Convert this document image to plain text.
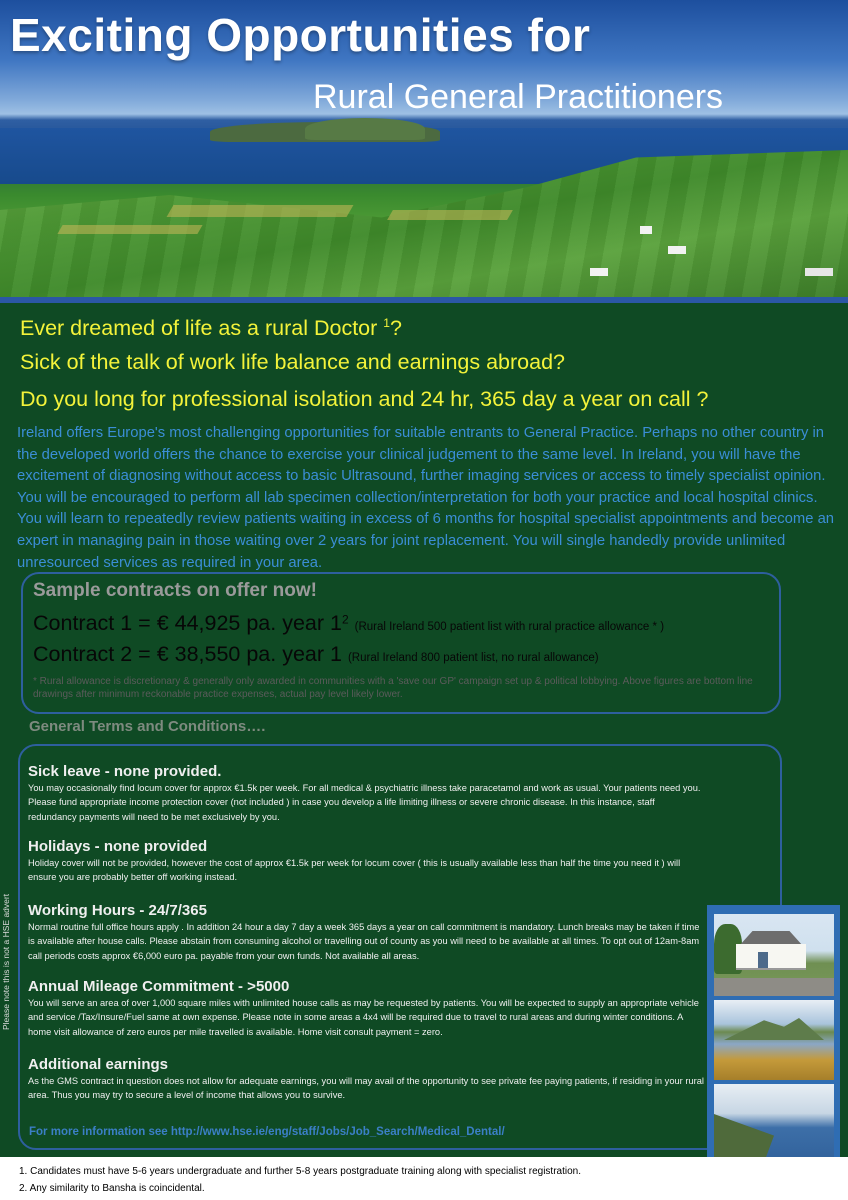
Exciting Opportunities for
Rural General Practitioners

Ever dreamed of life as a rural Doctor $^1$?

Sick of the talk of work life balance and earnings abroad?

Do you long for professional isolation and 24 hr, 365 day a year on call ?

Ireland offers Europe's most challenging opportunities for suitable entrants to General Practice. Perhaps no other country in the developed world offers the chance to exercise your clinical judgement to the same level. In Ireland, you will have the excitement of diagnosing without access to basic Ultrasound, further imaging services or access to timely specialist opinion. You will be encouraged to perform all lab specimen collection/interpretation for both your practice and local hospital clinics. You will learn to repeatedly review patients waiting in excess of 6 months for hospital specialist appointments and become an expert in managing pain in those waiting over 2 years for joint replacement. You will single handedly provide unlimited unresourced services as required in your area.

Sample contracts on offer now!

Contract 1 = € 44,925 pa. year $1^2(Rural$ Ireland 500 patient list with rural practice allowance * )

Contract 2 = € 38,550 pa. year 1 (Rural Ireland 800 patient list, no rural allowance)

* Rural allowance is discretionary & generally only awarded in communities with a 'save our GP' campaign set up & political lobbying. Above figures are bottom line drawings after minimum reckonable practice expenses, actual pay level likely lower.

General Terms and Conditions….

Sick leave - none provided.

You may occasionally find locum cover for approx €1.5k per week. For all medical & psychiatric illness take paracetamol and work as usual. Your patients need you. Please fund appropriate income protection cover (not included ) in case you develop a life limiting illness or severe chronic disease. In this instance, staff redundancy payments will need to be met exclusively by you.

Holidays - none provided

Holiday cover will not be provided, however the cost of approx €1.5k per week for locum cover ( this is usually available less than half the time you need it ) will ensure you are probably better off working instead.

Working Hours - 24/7/365

Normal routine full office hours apply . In addition 24 hour a day 7 day a week 365 days a year on call commitment is mandatory. Lunch breaks may be taken if time is available after house calls. Please abstain from consuming alcohol or travelling out of county as you will need to be available at all times. To opt out of 12am-8am call periods costs approx €6,000 euro pa. payable from your own funds. Not available all areas.

Annual Mileage Commitment - >5000

You will serve an area of over 1,000 square miles with unlimited house calls as may be requested by patients. You will be expected to supply an appropriate vehicle and service /Tax/Insure/Fuel same at own expense. Please note in some areas a 4x4 will be required due to travel to rural areas and during winter conditions. A home visit allowance of zero euros per mile travelled is available. Home visit consult payment = zero.

Additional earnings

As the GMS contract in question does not allow for adequate earnings, you will may avail of the opportunity to see private fee paying patients, if residing in your rural area. Thus you may try to secure a level of income that allows you to survive.

For more information see http://www.hse.ie/eng/staff/Jobs/Job_Search/Medical_Dental/

Please note this is not a HSE advert

1. Candidates must have 5-6 years undergraduate and further 5-8 years postgraduate training along with specialist registration.

2. Any similarity to Bansha is coincidental.
